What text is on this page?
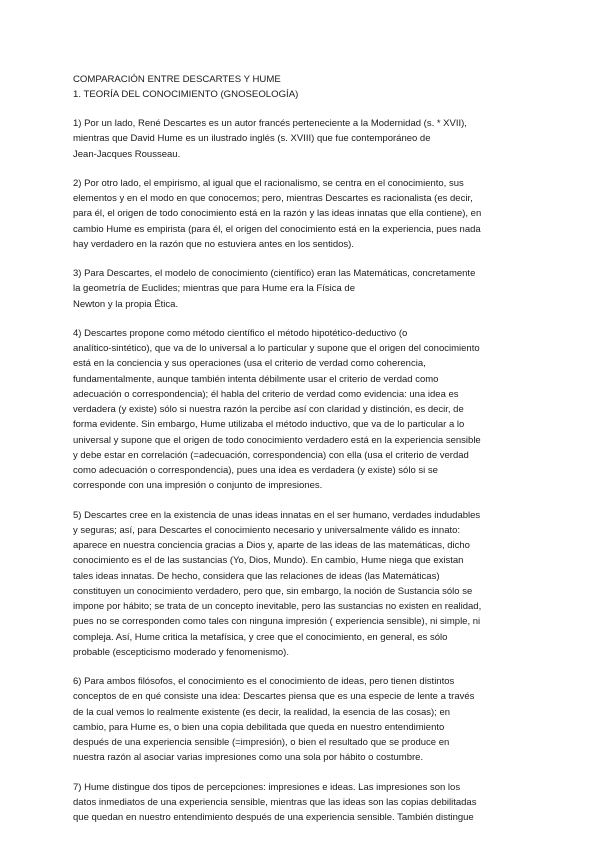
COMPARACIÓN ENTRE DESCARTES Y HUME
1. TEORÍA DEL CONOCIMIENTO (GNOSEOLOGÍA)

1) Por un lado, René Descartes es un autor francés perteneciente a la Modernidad (s. * XVII),
mientras que David Hume es un ilustrado inglés (s. XVIII) que fue contemporáneo de
Jean-Jacques Rousseau.

2) Por otro lado, el empirismo, al igual que el racionalismo, se centra en el conocimiento, sus
elementos y en el modo en que conocemos; pero, mientras Descartes es racionalista (es decir,
para él, el origen de todo conocimiento está en la razón y las ideas innatas que ella contiene), en
cambio Hume es empirista (para él, el origen del conocimiento está en la experiencia, pues nada
hay verdadero en la razón que no estuviera antes en los sentidos).

3) Para Descartes, el modelo de conocimiento (científico) eran las Matemáticas, concretamente
la geometría de Euclides; mientras que para Hume era la Física de
Newton y la propia Ética.

4) Descartes propone como método científico el método hipotético-deductivo (o
analítico-sintético), que va de lo universal a lo particular y supone que el origen del conocimiento
está en la conciencia y sus operaciones (usa el criterio de verdad como coherencia,
fundamentalmente, aunque también intenta débilmente usar el criterio de verdad como
adecuación o correspondencia); él habla del criterio de verdad como evidencia: una idea es
verdadera (y existe) sólo si nuestra razón la percibe así con claridad y distinción, es decir, de
forma evidente. Sin embargo, Hume utilizaba el método inductivo, que va de lo particular a lo
universal y supone que el origen de todo conocimiento verdadero está en la experiencia sensible
y debe estar en correlación (=adecuación, correspondencia) con ella (usa el criterio de verdad
como adecuación o correspondencia), pues una idea es verdadera (y existe) sólo si se
corresponde con una impresión o conjunto de impresiones.

5) Descartes cree en la existencia de unas ideas innatas en el ser humano, verdades indudables
y seguras; así, para Descartes el conocimiento necesario y universalmente válido es innato:
aparece en nuestra conciencia gracias a Dios y, aparte de las ideas de las matemáticas, dicho
conocimiento es el de las sustancias (Yo, Dios, Mundo). En cambio, Hume niega que existan
tales ideas innatas. De hecho, considera que las relaciones de ideas (las Matemáticas)
constituyen un conocimiento verdadero, pero que, sin embargo, la noción de Sustancia sólo se
impone por hábito; se trata de un concepto inevitable, pero las sustancias no existen en realidad,
pues no se corresponden como tales con ninguna impresión ( experiencia sensible), ni simple, ni
compleja. Así, Hume critica la metafísica, y cree que el conocimiento, en general, es sólo
probable (escepticismo moderado y fenomenismo).

6) Para ambos filósofos, el conocimiento es el conocimiento de ideas, pero tienen distintos
conceptos de en qué consiste una idea: Descartes piensa que es una especie de lente a través
de la cual vemos lo realmente existente (es decir, la realidad, la esencia de las cosas); en
cambio, para Hume es, o bien una copia debilitada que queda en nuestro entendimiento
después de una experiencia sensible (=impresión), o bien el resultado que se produce en
nuestra razón al asociar varias impresiones como una sola por hábito o costumbre.

7) Hume distingue dos tipos de percepciones: impresiones e ideas. Las impresiones son los
datos inmediatos de una experiencia sensible, mientras que las ideas son las copias debilitadas
que quedan en nuestro entendimiento después de una experiencia sensible. También distingue
